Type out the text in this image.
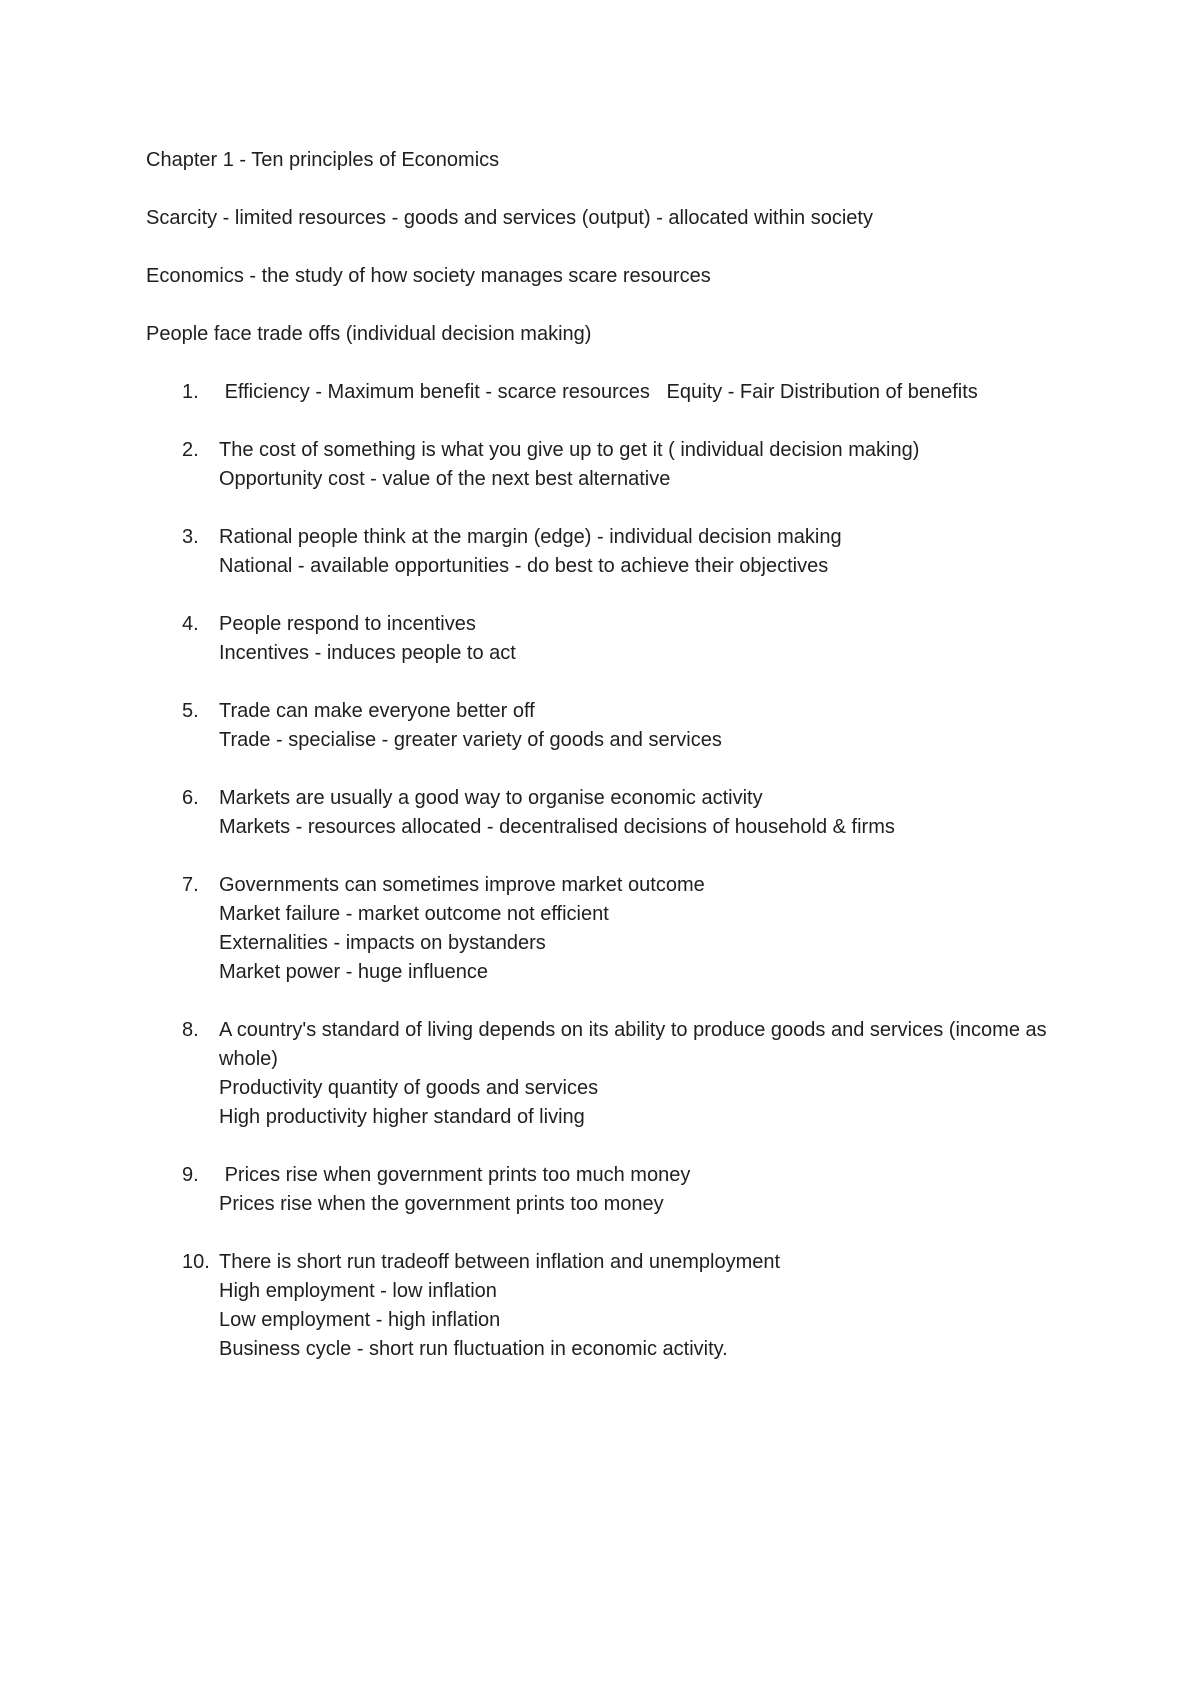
Chapter 1 - Ten principles of Economics

Scarcity - limited resources - goods and services (output) - allocated within society

Economics - the study of how society manages scare resources

People face trade offs (individual decision making)

1.	Efficiency - Maximum benefit - scarce resources   Equity - Fair Distribution of benefits
2.	The cost of something is what you give up to get it ( individual decision making)
Opportunity cost - value of the next best alternative
3.	Rational people think at the margin (edge) - individual decision making
National - available opportunities - do best to achieve their objectives
4.	People respond to incentives
Incentives - induces people to act
5.	Trade can make everyone better off
Trade - specialise - greater variety of goods and services
6.	Markets are usually a good way to organise economic activity
Markets - resources allocated - decentralised decisions of household & firms
7.	Governments can sometimes improve market outcome
Market failure - market outcome not efficient
Externalities - impacts on bystanders
Market power - huge influence
8.	A country's standard of living depends on its ability to produce goods and services (income as whole)
Productivity quantity of goods and services
High productivity higher standard of living
9.	Prices rise when government prints too much money
Prices rise when the government prints too money
10. There is short run tradeoff between inflation and unemployment
High employment - low inflation
Low employment - high inflation
Business cycle - short run fluctuation in economic activity.
